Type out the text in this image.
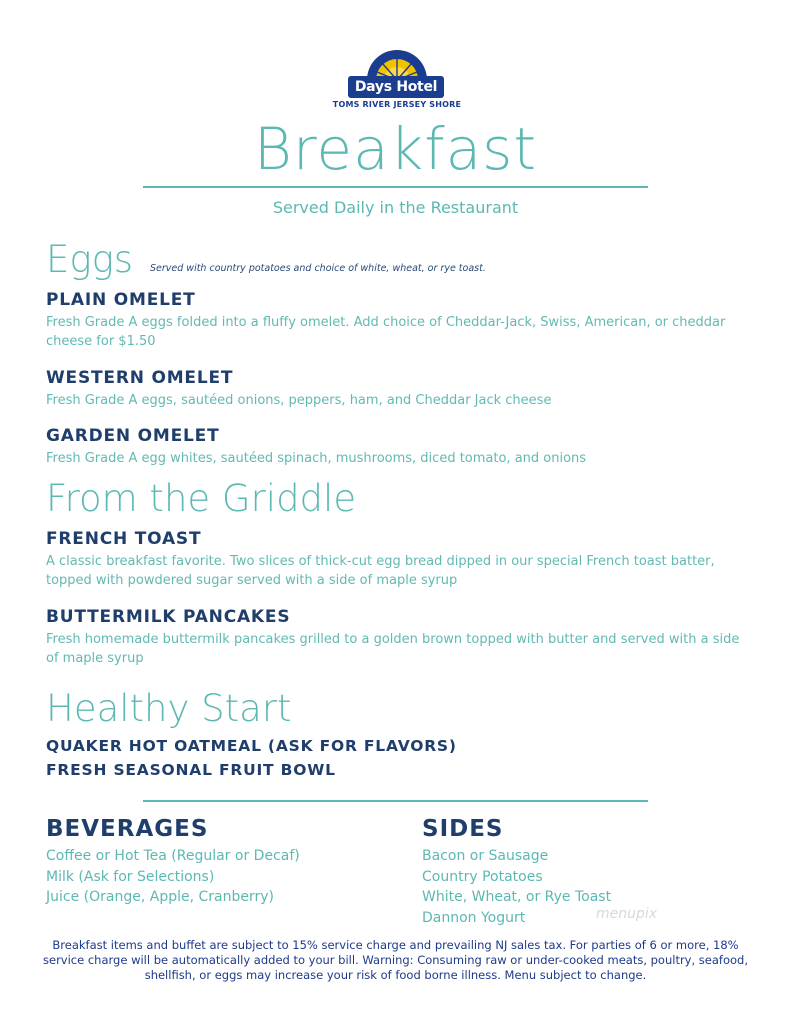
Days Hotel
TOMS RIVER JERSEY SHORE
Breakfast
Served Daily in the Restaurant
Eggs Served with country potatoes and choice of white, wheat, or rye toast.
PLAIN OMELET
Fresh Grade A eggs folded into a fluffy omelet. Add choice of Cheddar-Jack, Swiss, American, or cheddar cheese for $1.50
WESTERN OMELET
Fresh Grade A eggs, sautéed onions, peppers, ham, and Cheddar Jack cheese
GARDEN OMELET
Fresh Grade A egg whites, sautéed spinach, mushrooms, diced tomato, and onions
From the Griddle
FRENCH TOAST
A classic breakfast favorite. Two slices of thick-cut egg bread dipped in our special French toast batter, topped with powdered sugar served with a side of maple syrup
BUTTERMILK PANCAKES
Fresh homemade buttermilk pancakes grilled to a golden brown topped with butter and served with a side of maple syrup
Healthy Start
QUAKER HOT OATMEAL (ASK FOR FLAVORS)
FRESH SEASONAL FRUIT BOWL
BEVERAGES
Coffee or Hot Tea (Regular or Decaf)
Milk (Ask for Selections)
Juice (Orange, Apple, Cranberry)
SIDES
Bacon or Sausage
Country Potatoes
White, Wheat, or Rye Toast
Dannon Yogurt	menupix
Breakfast items and buffet are subject to 15% service charge and prevailing NJ sales tax. For parties of 6 or more, 18% service charge will be automatically added to your bill. Warning: Consuming raw or under-cooked meats, poultry, seafood, shellfish, or eggs may increase your risk of food borne illness. Menu subject to change.
